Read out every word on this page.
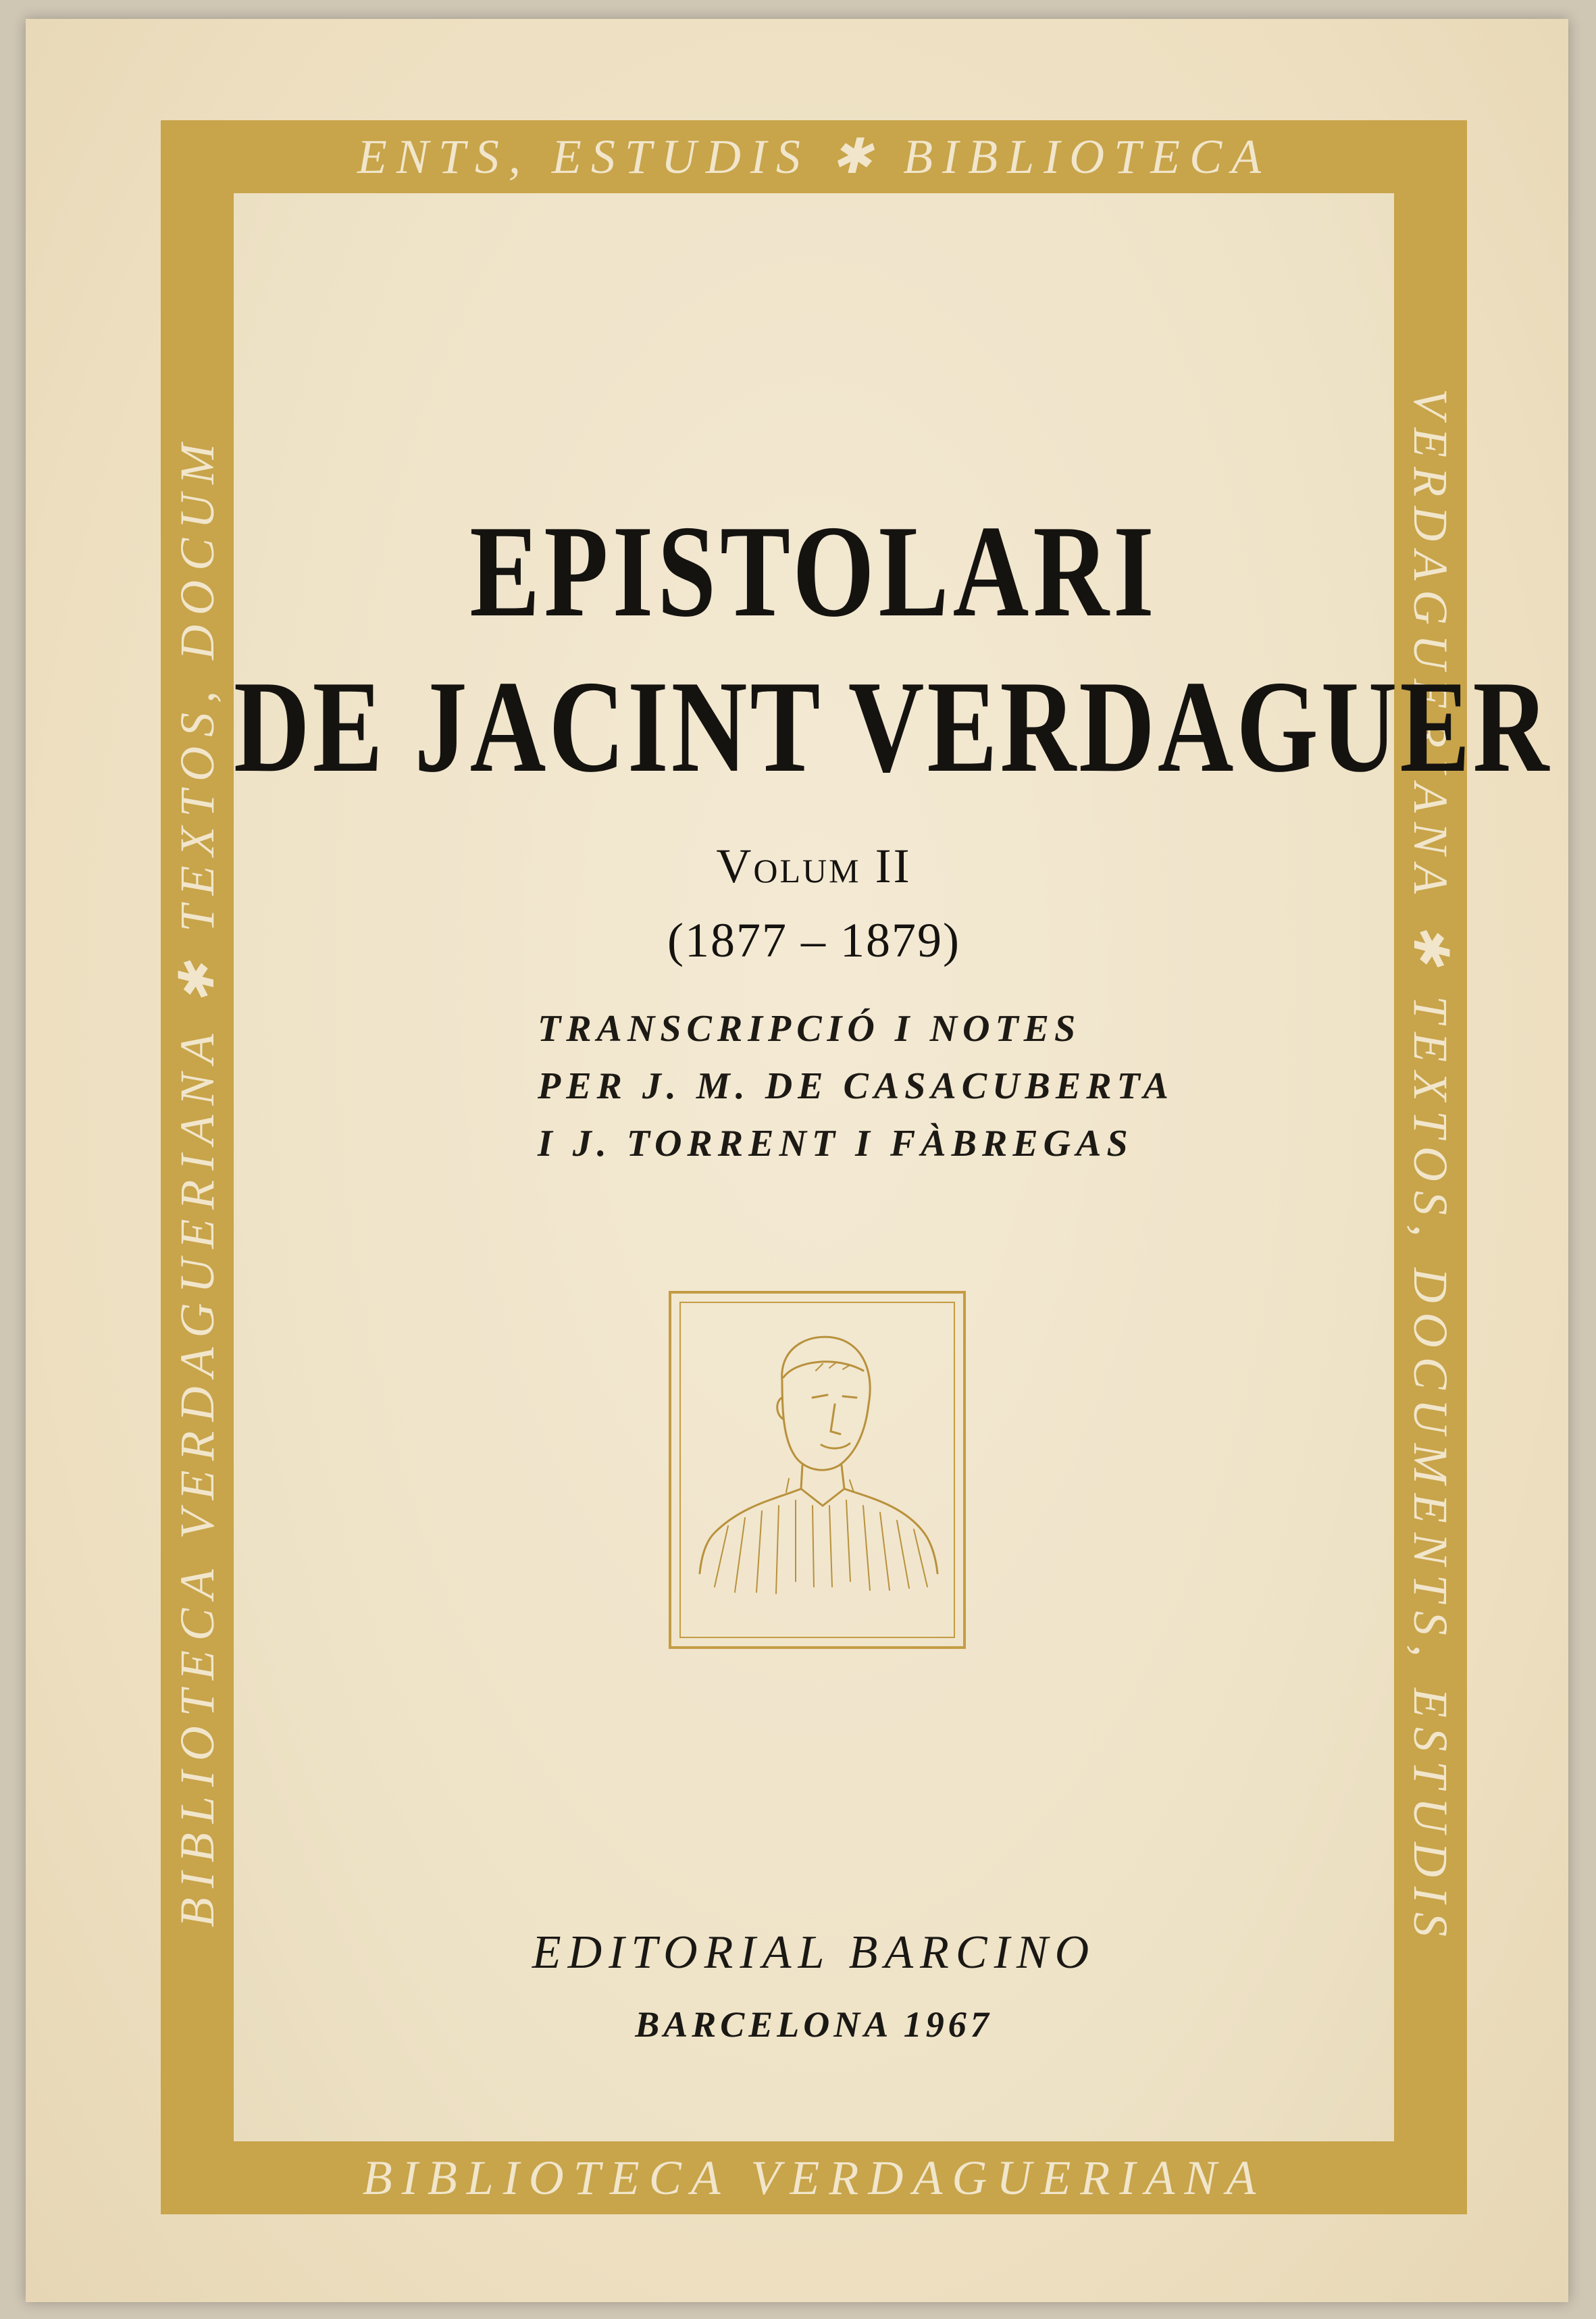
ENTS, ESTUDIS ✱ BIBLIOTECA
VERDAGUERIANA ✱ TEXTOS, DOCUMENTS, ESTUDIS
BIBLIOTECA VERDAGUERIANA
BIBLIOTECA VERDAGUERIANA ✱ TEXTOS, DOCUM	EPISTOLARI
DE JACINT VERDAGUER
Volum II
(1877 – 1879)
TRANSCRIPCIÓ I NOTES
PER J. M. DE CASACUBERTA
I J. TORRENT I FÀBREGAS
EDITORIAL BARCINO
BARCELONA 1967
